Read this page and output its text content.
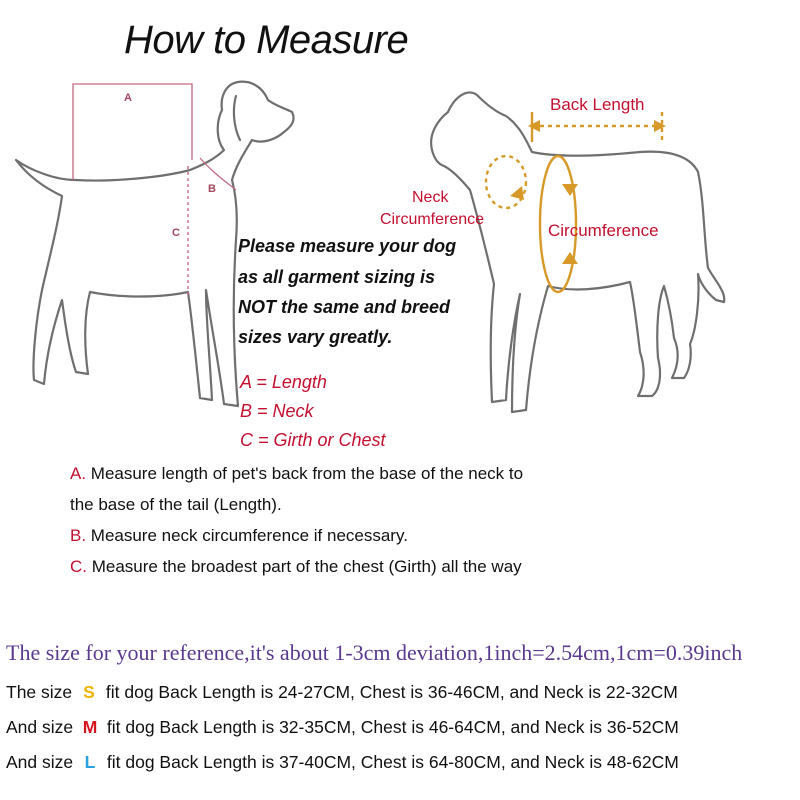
A
B
C
Back Length
Neck
Circumference
Circumference
How to Measure
Please measure your dog
as all garment sizing is
NOT the same and breed
sizes vary greatly.
A = Length
B = Neck
C = Girth or Chest
A. Measure length of pet's back from the base of the neck to
the base of the tail (Length).
B. Measure neck circumference if necessary.
C. Measure the broadest part of the chest (Girth) all the way
The size for your reference,it's about 1-3cm deviation,1inch=2.54cm,1cm=0.39inch
The size S fit dog Back Length is 24-27CM, Chest is 36-46CM, and Neck is 22-32CM
And size M fit dog Back Length is 32-35CM, Chest is 46-64CM, and Neck is 36-52CM
And size L fit dog Back Length is 37-40CM, Chest is 64-80CM, and Neck is 48-62CM
